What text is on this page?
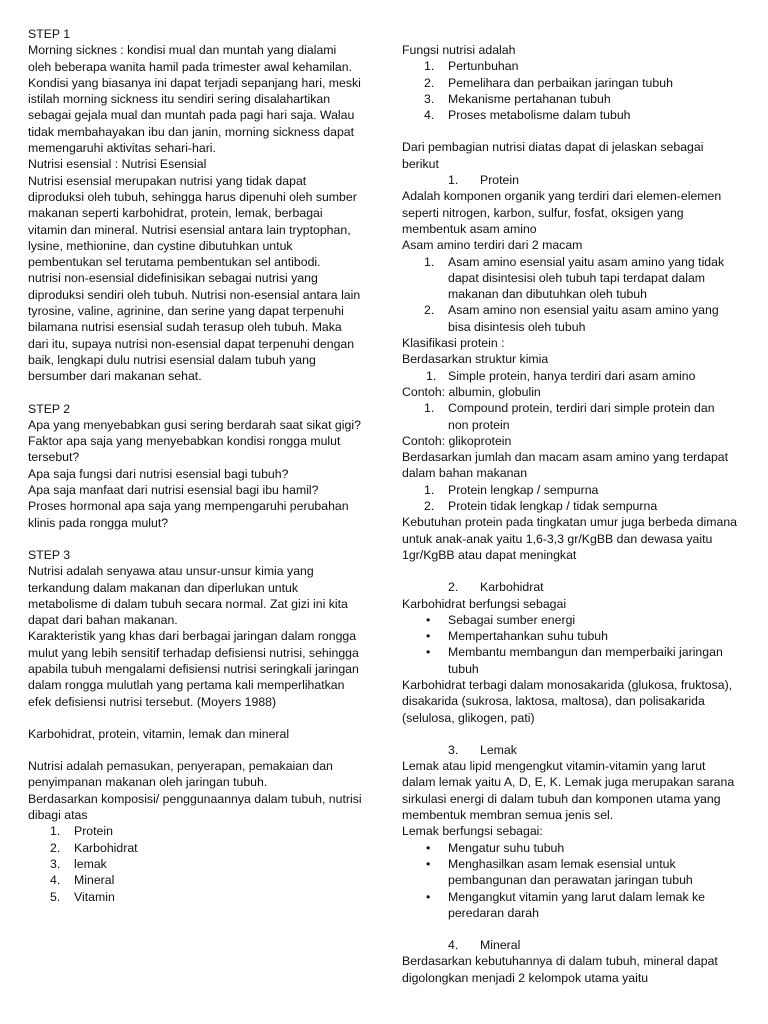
STEP 1

Morning sicknes : kondisi mual dan muntah yang dialami oleh beberapa wanita hamil pada trimester awal kehamilan. Kondisi yang biasanya ini dapat terjadi sepanjang hari, meski istilah morning sickness itu sendiri sering disalahartikan sebagai gejala mual dan muntah pada pagi hari saja. Walau tidak membahayakan ibu dan janin, morning sickness dapat memengaruhi aktivitas sehari-hari.

Nutrisi esensial : Nutrisi Esensial

Nutrisi esensial merupakan nutrisi yang tidak dapat diproduksi oleh tubuh, sehingga harus dipenuhi oleh sumber makanan seperti karbohidrat, protein, lemak, berbagai vitamin dan mineral. Nutrisi esensial antara lain tryptophan, lysine, methionine, dan cystine dibutuhkan untuk pembentukan sel terutama pembentukan sel antibodi.

nutrisi non-esensial didefinisikan sebagai nutrisi yang diproduksi sendiri oleh tubuh. Nutrisi non-esensial antara lain tyrosine, valine, agrinine, dan serine yang dapat terpenuhi bilamana nutrisi esensial sudah terasup oleh tubuh. Maka dari itu, supaya nutrisi non-esensial dapat terpenuhi dengan baik, lengkapi dulu nutrisi esensial dalam tubuh yang bersumber dari makanan sehat.

STEP 2

Apa yang menyebabkan gusi sering berdarah saat sikat gigi?

Faktor apa saja yang menyebabkan kondisi rongga mulut tersebut?

Apa saja fungsi dari nutrisi esensial bagi tubuh?

Apa saja manfaat dari nutrisi esensial bagi ibu hamil?

Proses hormonal apa saja yang mempengaruhi perubahan klinis pada rongga mulut?

STEP 3

Nutrisi adalah senyawa atau unsur-unsur kimia yang terkandung dalam makanan dan diperlukan untuk metabolisme di dalam tubuh secara normal. Zat gizi ini kita dapat dari bahan makanan.

Karakteristik yang khas dari berbagai jaringan dalam rongga mulut yang lebih sensitif terhadap defisiensi nutrisi, sehingga apabila tubuh mengalami defisiensi nutrisi seringkali jaringan dalam rongga mulutlah yang pertama kali memperlihatkan efek defisiensi nutrisi tersebut. (Moyers 1988)

Karbohidrat, protein, vitamin, lemak dan mineral

Nutrisi adalah pemasukan, penyerapan, pemakaian dan penyimpanan makanan oleh jaringan tubuh.

Berdasarkan komposisi/ penggunaannya dalam tubuh, nutrisi dibagi atas

1. Protein
2. Karbohidrat
3. lemak
4. Mineral
5. Vitamin

Fungsi nutrisi adalah

1. Pertunbuhan
2. Pemelihara dan perbaikan jaringan tubuh
3. Mekanisme pertahanan tubuh
4. Proses metabolisme dalam tubuh

Dari pembagian nutrisi diatas dapat di jelaskan sebagai berikut

1. Protein

Adalah komponen organik yang terdiri dari elemen-elemen seperti nitrogen, karbon, sulfur, fosfat, oksigen yang membentuk asam amino

Asam amino terdiri dari 2 macam

1. Asam amino esensial yaitu asam amino yang tidak dapat disintesisi oleh tubuh tapi terdapat dalam makanan dan dibutuhkan oleh tubuh
2. Asam amino non esensial yaitu asam amino yang bisa disintesis oleh tubuh

Klasifikasi protein :

Berdasarkan struktur kimia

1. Simple protein, hanya terdiri dari asam amino

Contoh: albumin, globulin

1. Compound protein, terdiri dari simple protein dan non protein

Contoh: glikoprotein

Berdasarkan jumlah dan macam asam amino yang terdapat dalam bahan makanan

1. Protein lengkap / sempurna
2. Protein tidak lengkap / tidak sempurna

Kebutuhan protein pada tingkatan umur juga berbeda dimana untuk anak-anak yaitu 1,6-3,3 gr/KgBB dan dewasa yaitu 1gr/KgBB atau dapat meningkat

2. Karbohidrat

Karbohidrat berfungsi sebagai

• Sebagai sumber energi
• Mempertahankan suhu tubuh
• Membantu membangun dan memperbaiki jaringan tubuh

Karbohidrat terbagi dalam monosakarida (glukosa, fruktosa), disakarida (sukrosa, laktosa, maltosa), dan polisakarida (selulosa, glikogen, pati)

3. Lemak

Lemak atau lipid mengengkut vitamin-vitamin yang larut dalam lemak yaitu A, D, E, K. Lemak juga merupakan sarana sirkulasi energi di dalam tubuh dan komponen utama yang membentuk membran semua jenis sel.

Lemak berfungsi sebagai:

• Mengatur suhu tubuh
• Menghasilkan asam lemak esensial untuk pembangunan dan perawatan jaringan tubuh
• Mengangkut vitamin yang larut dalam lemak ke peredaran darah
4. Mineral

Berdasarkan kebutuhannya di dalam tubuh, mineral dapat digolongkan menjadi 2 kelompok utama yaitu
